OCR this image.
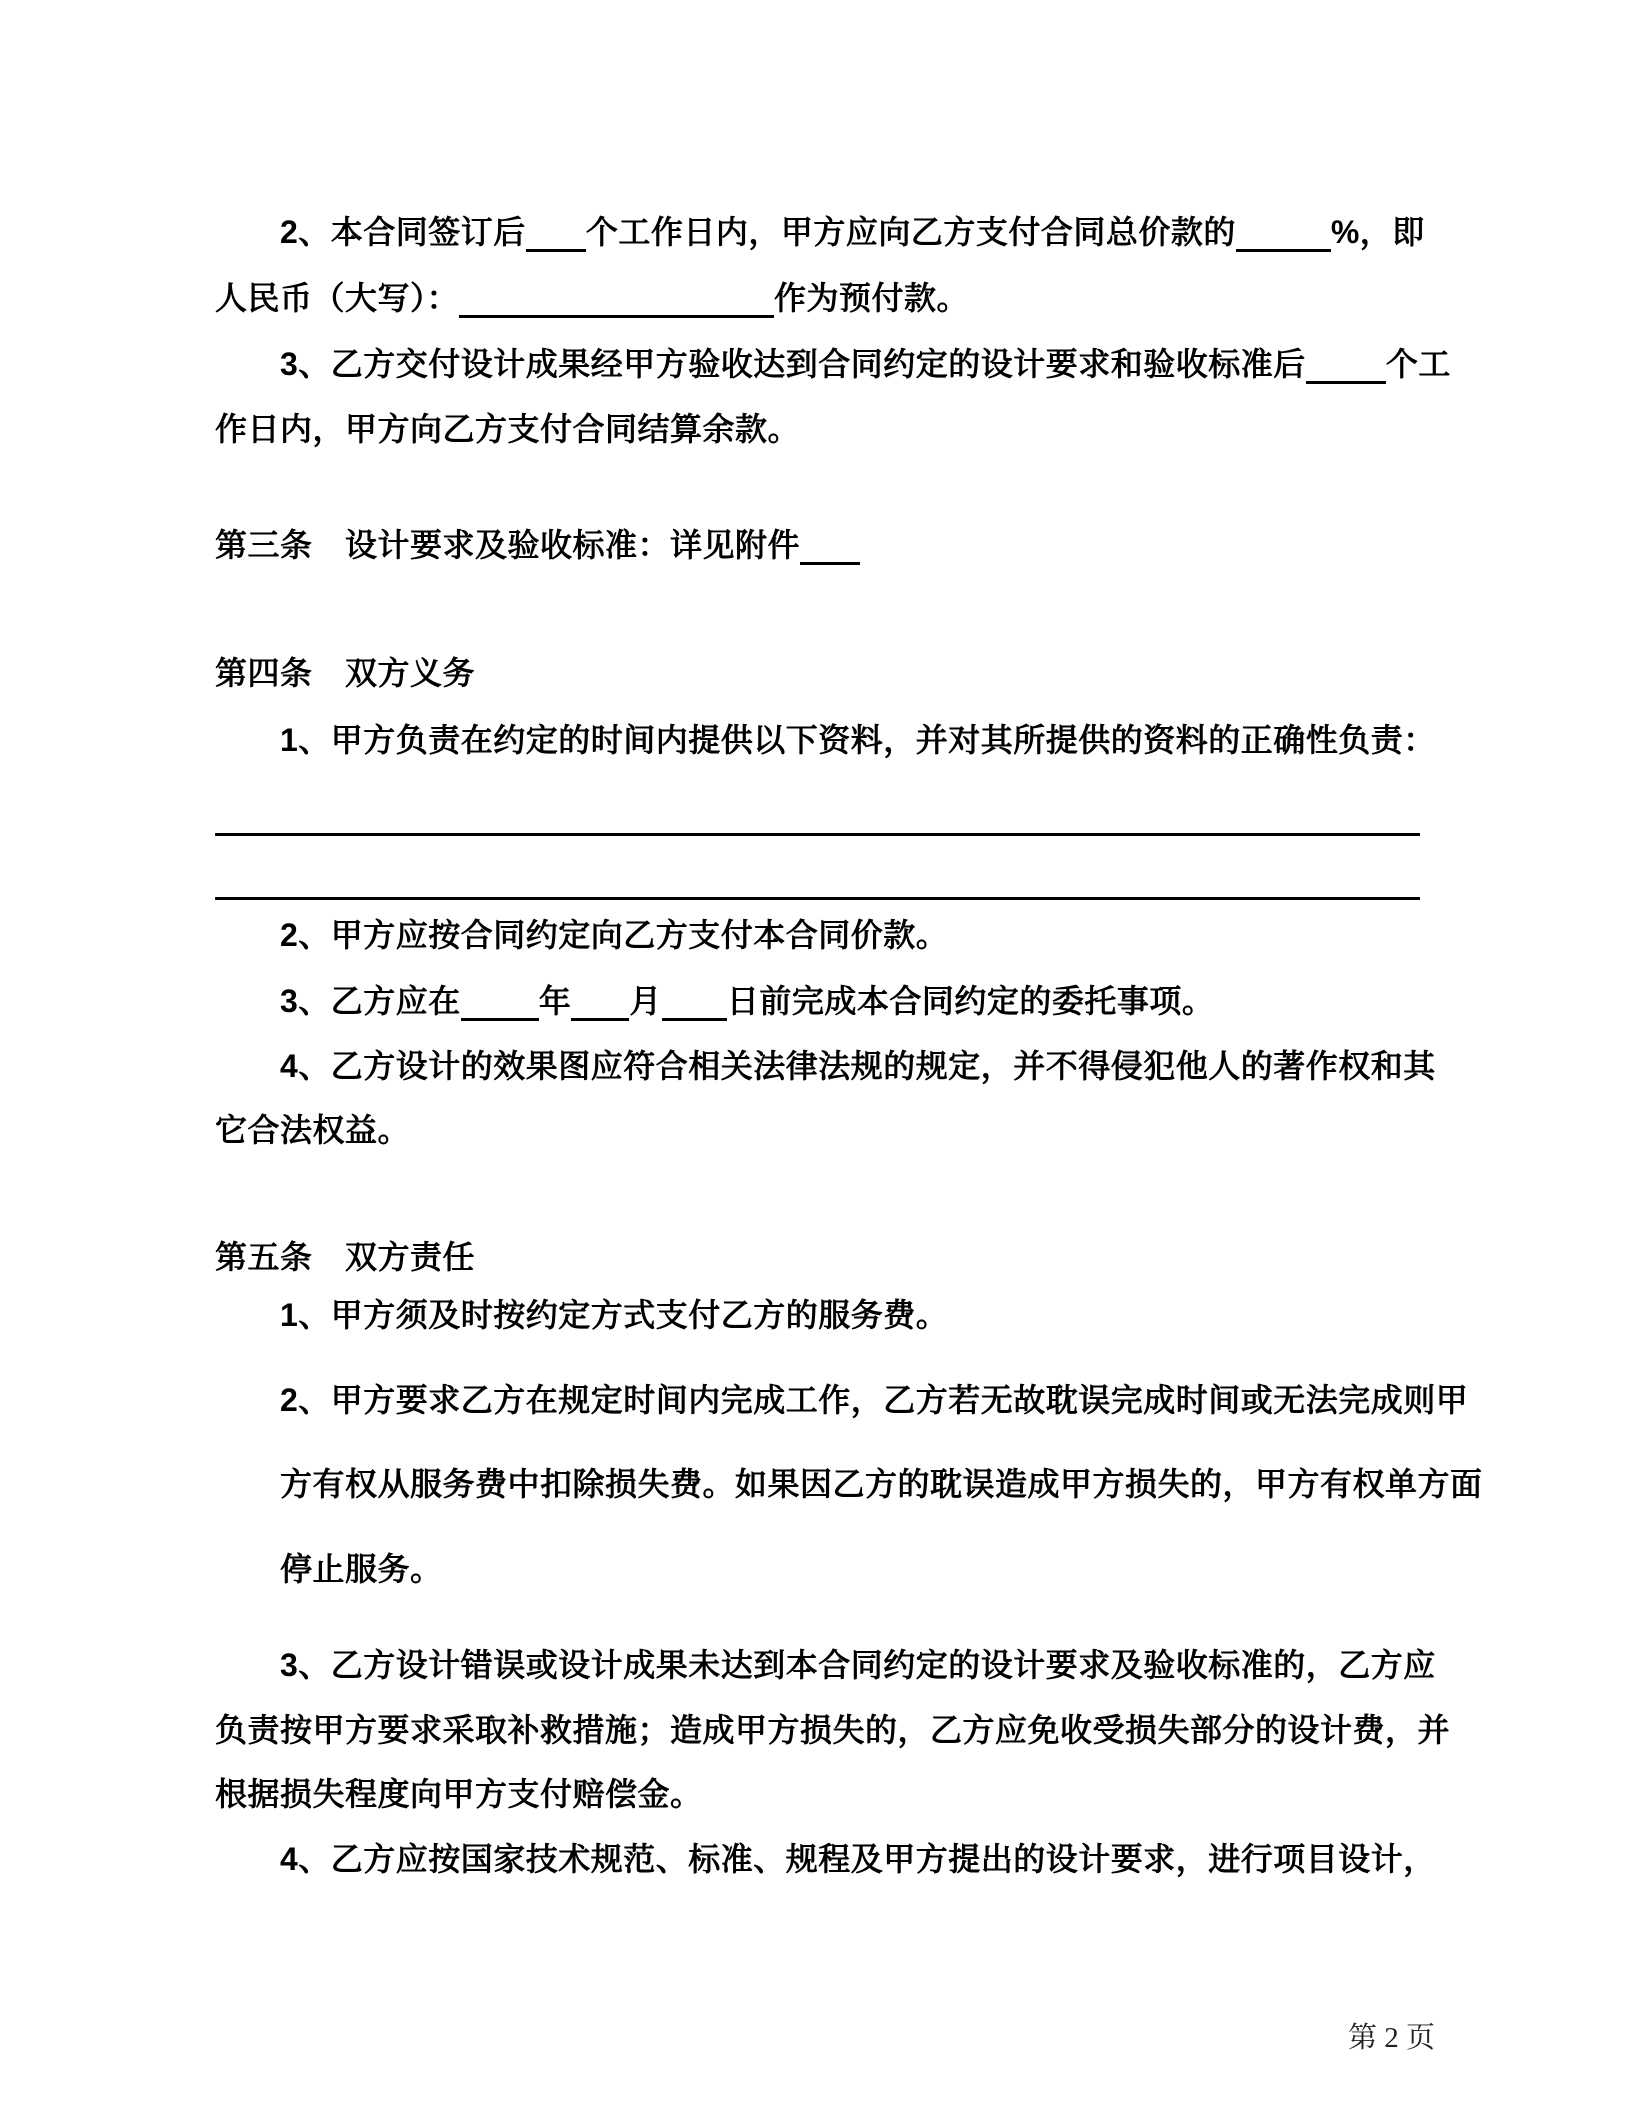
2、本合同签订后 个工作日内，甲方应向乙方支付合同总价款的	%，即
人民币（大写）：	作为预付款。
3、乙方交付设计成果经甲方验收达到合同约定的设计要求和验收标准后	个工
作日内，甲方向乙方支付合同结算余款。
第三条　设计要求及验收标准：详见附件
第四条　双方义务
1、甲方负责在约定的时间内提供以下资料，并对其所提供的资料的正确性负责：
2、甲方应按合同约定向乙方支付本合同价款。
3、乙方应在 年 月 日前完成本合同约定的委托事项。
4、乙方设计的效果图应符合相关法律法规的规定，并不得侵犯他人的著作权和其
它合法权益。
第五条　双方责任
1、甲方须及时按约定方式支付乙方的服务费。
2、甲方要求乙方在规定时间内完成工作，乙方若无故耽误完成时间或无法完成则甲
方有权从服务费中扣除损失费。如果因乙方的耽误造成甲方损失的，甲方有权单方面
停止服务。
3、乙方设计错误或设计成果未达到本合同约定的设计要求及验收标准的，乙方应
负责按甲方要求采取补救措施；造成甲方损失的，乙方应免收受损失部分的设计费，并
根据损失程度向甲方支付赔偿金。
4、乙方应按国家技术规范、标准、规程及甲方提出的设计要求，进行项目设计，
第 2 页
